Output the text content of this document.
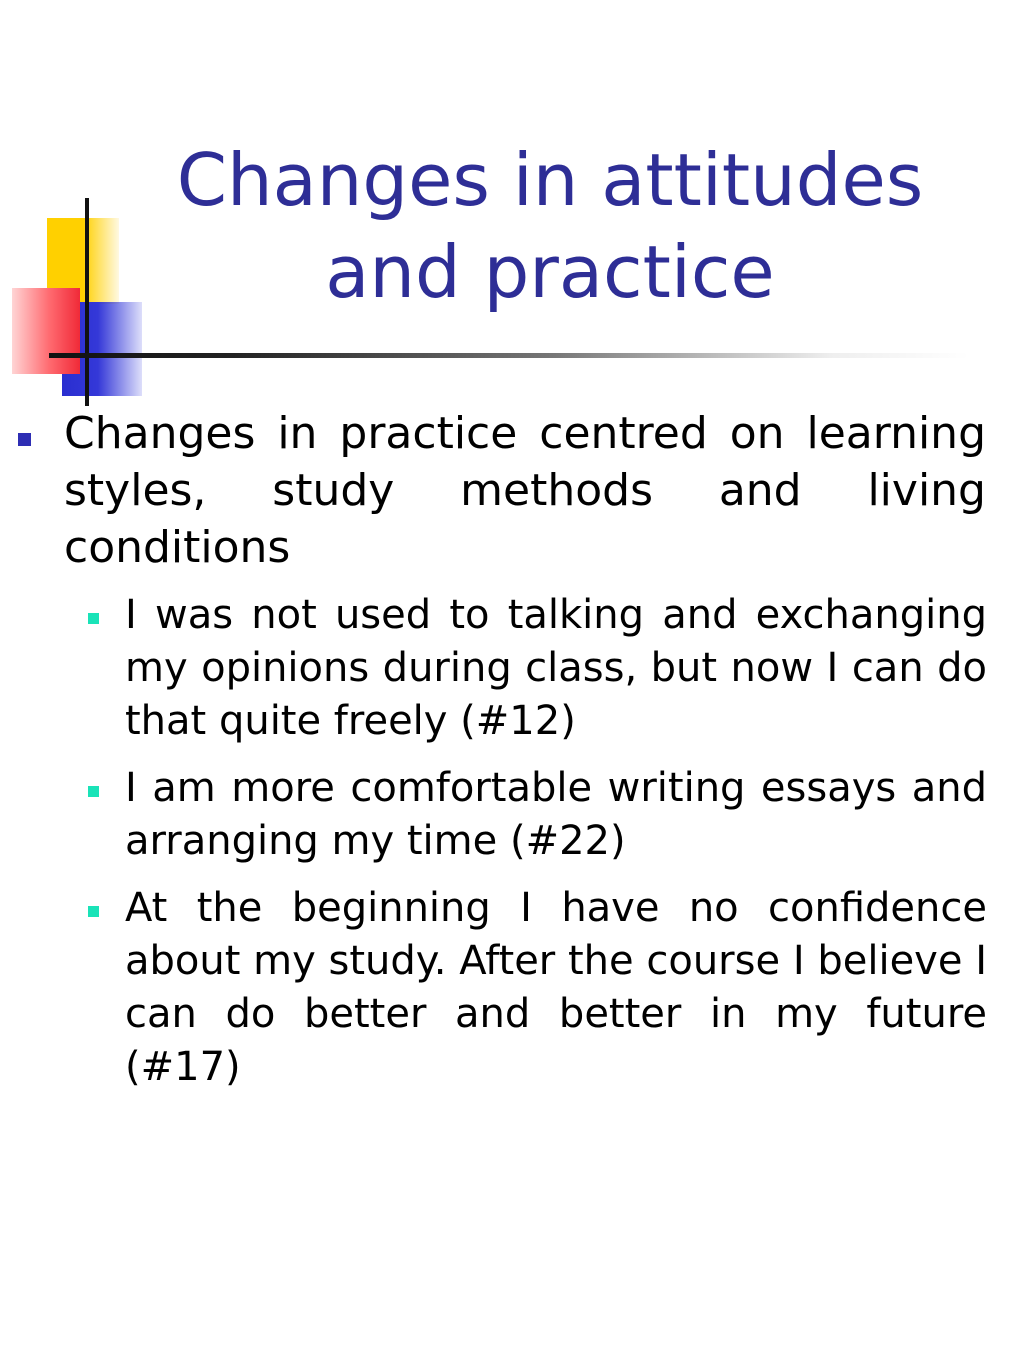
Changes in attitudes and practice
Changes in practice centred on learning styles, study methods and living conditions
I was not used to talking and exchanging my opinions during class, but now I can do that quite freely (#12)
I am more comfortable writing essays and arranging my time (#22)
At the beginning I have no confidence about my study. After the course I believe I can do better and better in my future (#17)
